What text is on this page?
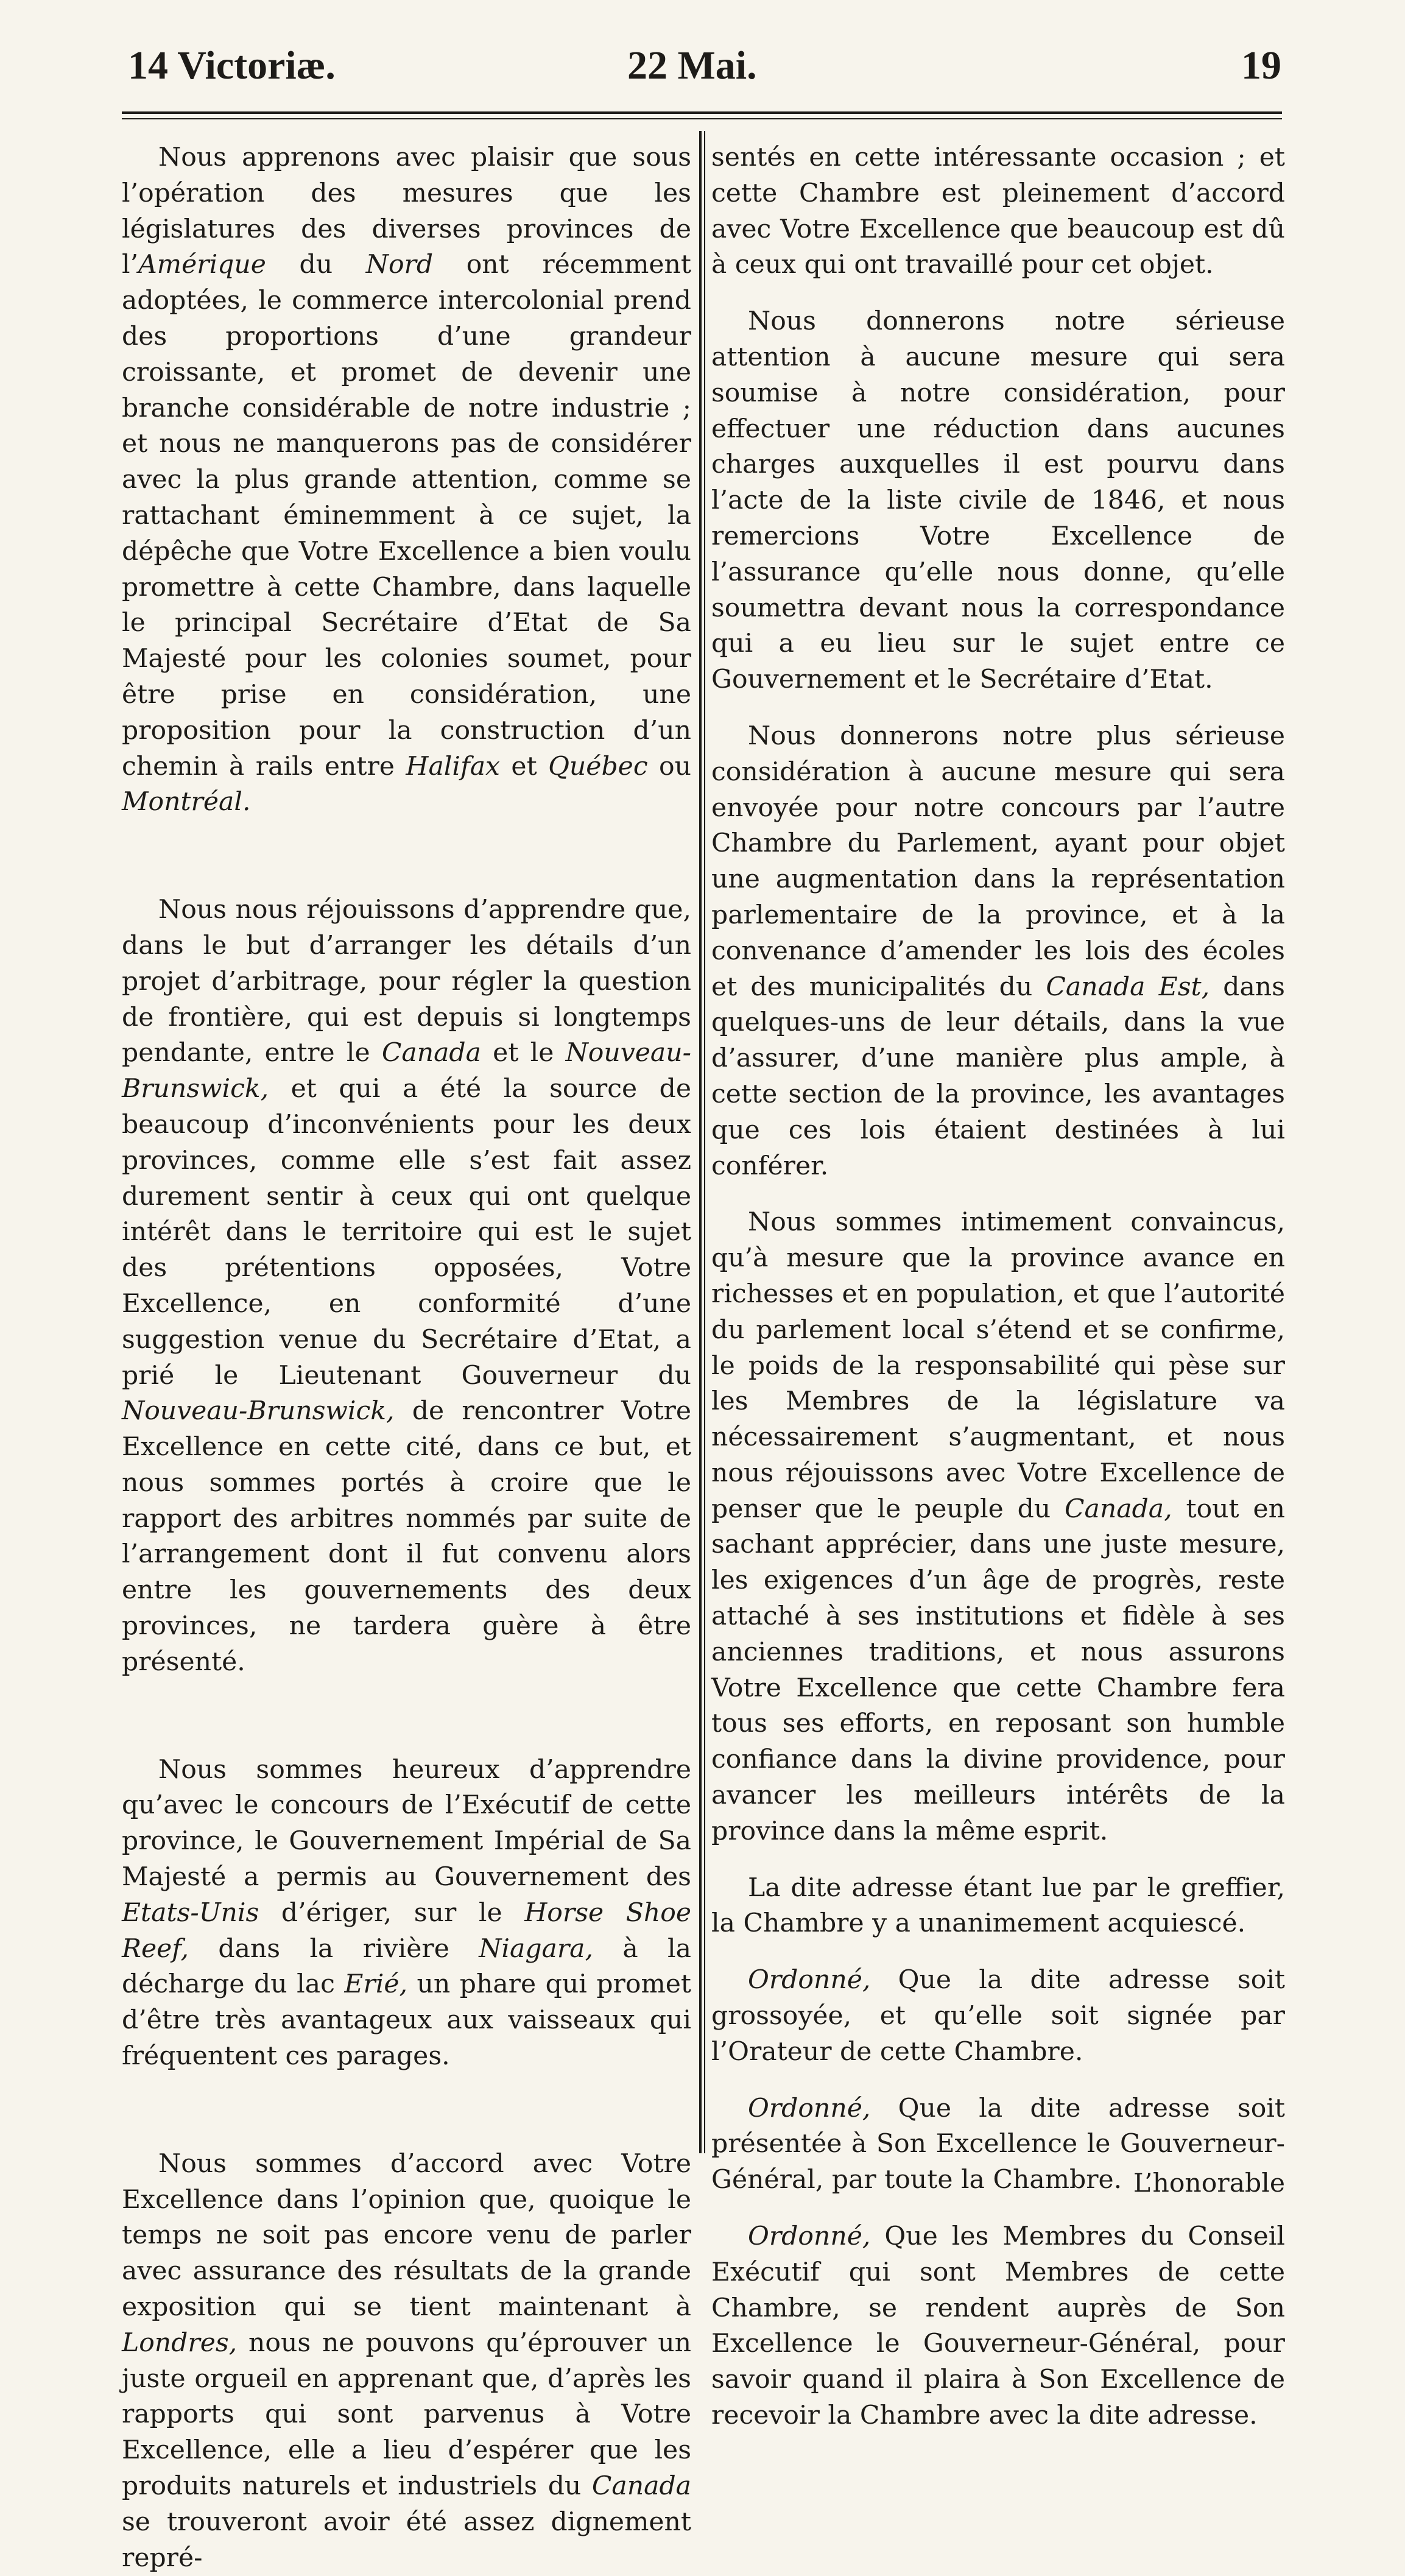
14 Victoriæ.	22 Mai.	19

Nous apprenons avec plaisir que sous l’opération des mesures que les législatures des diverses provinces de l’Amérique du Nord ont récemment adoptées, le commerce intercolonial prend des proportions d’une grandeur croissante, et promet de devenir une branche considérable de notre industrie ; et nous ne manquerons pas de considérer avec la plus grande attention, comme se rattachant éminemment à ce sujet, la dépêche que Votre Excellence a bien voulu promettre à cette Chambre, dans laquelle le principal Secrétaire d’Etat de Sa Majesté pour les colonies soumet, pour être prise en considération, une proposition pour la construction d’un chemin à rails entre Halifax et Québec ou Montréal.

Nous nous réjouissons d’apprendre que, dans le but d’arranger les détails d’un projet d’arbitrage, pour régler la question de frontière, qui est depuis si longtemps pendante, entre le Canada et le Nouveau-Brunswick, et qui a été la source de beaucoup d’inconvénients pour les deux provinces, comme elle s’est fait assez durement sentir à ceux qui ont quelque intérêt dans le territoire qui est le sujet des prétentions opposées, Votre Excellence, en conformité d’une suggestion venue du Secrétaire d’Etat, a prié le Lieutenant Gouverneur du Nouveau-Brunswick, de rencontrer Votre Excellence en cette cité, dans ce but, et nous sommes portés à croire que le rapport des arbitres nommés par suite de l’arrangement dont il fut convenu alors entre les gouvernements des deux provinces, ne tardera guère à être présenté.

Nous sommes heureux d’apprendre qu’avec le concours de l’Exécutif de cette province, le Gouvernement Impérial de Sa Majesté a permis au Gouvernement des Etats-Unis d’ériger, sur le Horse Shoe Reef, dans la rivière Niagara, à la décharge du lac Erié, un phare qui promet d’être très avantageux aux vaisseaux qui fréquentent ces parages.

Nous sommes d’accord avec Votre Excellence dans l’opinion que, quoique le temps ne soit pas encore venu de parler avec assurance des résultats de la grande exposition qui se tient maintenant à Londres, nous ne pouvons qu’éprouver un juste orgueil en apprenant que, d’après les rapports qui sont parvenus à Votre Excellence, elle a lieu d’espérer que les produits naturels et industriels du Canada se trouveront avoir été assez dignement repré-

sentés en cette intéressante occasion ; et cette Chambre est pleinement d’accord avec Votre Excellence que beaucoup est dû à ceux qui ont travaillé pour cet objet.

Nous donnerons notre sérieuse attention à aucune mesure qui sera soumise à notre considération, pour effectuer une réduction dans aucunes charges auxquelles il est pourvu dans l’acte de la liste civile de 1846, et nous remercions Votre Excellence de l’assurance qu’elle nous donne, qu’elle soumettra devant nous la correspondance qui a eu lieu sur le sujet entre ce Gouvernement et le Secrétaire d’Etat.

Nous donnerons notre plus sérieuse considération à aucune mesure qui sera envoyée pour notre concours par l’autre Chambre du Parlement, ayant pour objet une augmentation dans la représentation parlementaire de la province, et à la convenance d’amender les lois des écoles et des municipalités du Canada Est, dans quelques-uns de leur détails, dans la vue d’assurer, d’une manière plus ample, à cette section de la province, les avantages que ces lois étaient destinées à lui conférer.

Nous sommes intimement convaincus, qu’à mesure que la province avance en richesses et en population, et que l’autorité du parlement local s’étend et se confirme, le poids de la responsabilité qui pèse sur les Membres de la législature va nécessairement s’augmentant, et nous nous réjouissons avec Votre Excellence de penser que le peuple du Canada, tout en sachant apprécier, dans une juste mesure, les exigences d’un âge de progrès, reste attaché à ses institutions et fidèle à ses anciennes traditions, et nous assurons Votre Excellence que cette Chambre fera tous ses efforts, en reposant son humble confiance dans la divine providence, pour avancer les meilleurs intérêts de la province dans la même esprit.

La dite adresse étant lue par le greffier, la Chambre y a unanimement acquiescé.

Ordonné, Que la dite adresse soit grossoyée, et qu’elle soit signée par l’Orateur de cette Chambre.

Ordonné, Que la dite adresse soit présentée à Son Excellence le Gouverneur-Général, par toute la Chambre.

Ordonné, Que les Membres du Conseil Exécutif qui sont Membres de cette Chambre, se rendent auprès de Son Excellence le Gouverneur-Général, pour savoir quand il plaira à Son Excellence de recevoir la Chambre avec la dite adresse.

L’honorable
